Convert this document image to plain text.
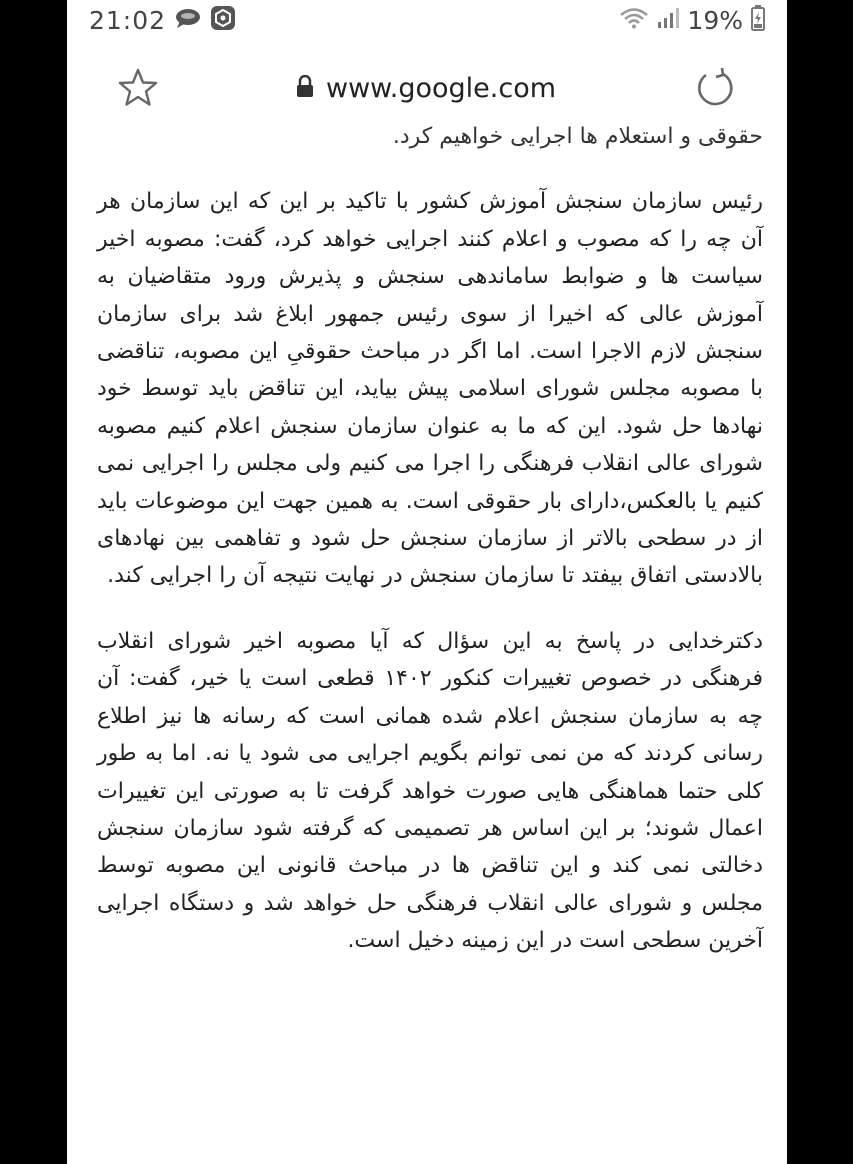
21:02	19%
www.google.com

حقوقی و استعلام ها اجرایی خواهیم کرد.

رئیس سازمان سنجش آموزش کشور با تاکید بر این که این سازمان هر آن چه را که مصوب و اعلام کنند اجرایی خواهد کرد، گفت: مصوبه اخیر سیاست ها و ضوابط ساماندهی سنجش و پذیرش ورود متقاضیان به آموزش عالی که اخیرا از سوی رئیس جمهور ابلاغ شد برای سازمان سنجش لازم الاجرا است. اما اگر در مباحث حقوقیِ این مصوبه، تناقضی با مصوبه مجلس شورای اسلامی پیش بیاید، این تناقض باید توسط خود نهادها حل شود. این که ما به عنوان سازمان سنجش اعلام کنیم مصوبه شورای عالی انقلاب فرهنگی را اجرا می کنیم ولی مجلس را اجرایی نمی کنیم یا بالعکس،دارای بار حقوقی است. به همین جهت این موضوعات باید از در سطحی بالاتر از سازمان سنجش حل شود و تفاهمی بین نهادهای بالادستی اتفاق بیفتد تا سازمان سنجش در نهایت نتیجه آن را اجرایی کند.

دکترخدایی در پاسخ به این سؤال که آیا مصوبه اخیر شورای انقلاب فرهنگی در خصوص تغییرات کنکور ۱۴۰۲ قطعی است یا خیر، گفت: آن چه به سازمان سنجش اعلام شده همانی است که رسانه ها نیز اطلاع رسانی کردند که من نمی توانم بگویم اجرایی می شود یا نه. اما به طور کلی حتما هماهنگی هایی صورت خواهد گرفت تا به صورتی این تغییرات اعمال شوند؛ بر این اساس هر تصمیمی که گرفته شود سازمان سنجش دخالتی نمی کند و این تناقض ها در مباحث قانونی این مصوبه توسط مجلس و شورای عالی انقلاب فرهنگی حل خواهد شد و دستگاه اجرایی آخرین سطحی است در این زمینه دخیل است.
